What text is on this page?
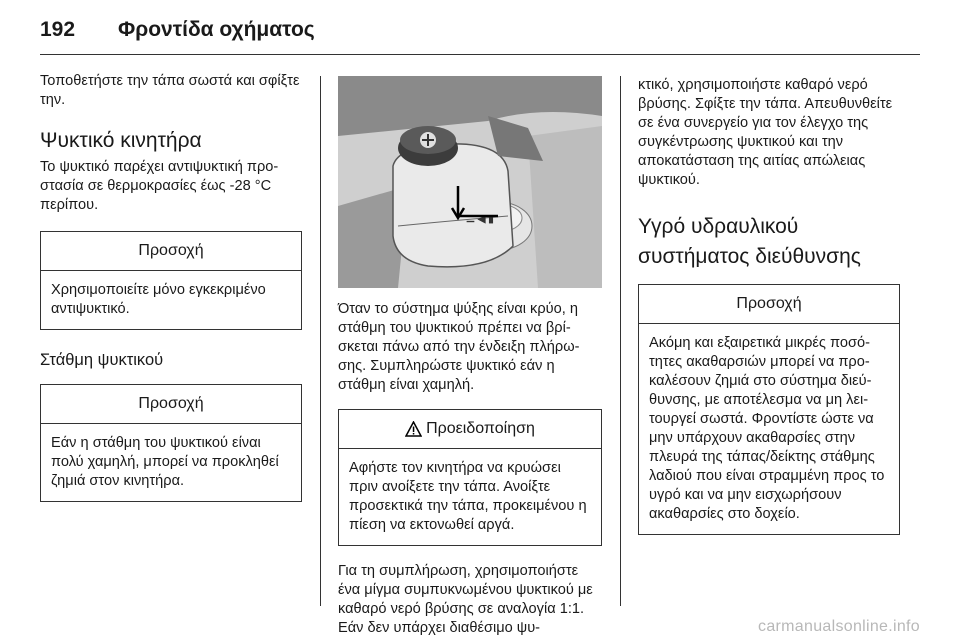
192 Φροντίδα οχήματος

Τοποθετήστε την τάπα σωστά και σφίξτε την.

Ψυκτικό κινητήρα

Το ψυκτικό παρέχει αντιψυκτική προστασία σε θερμοκρασίες έως -28 °C περίπου.

Προσοχή
Χρησιμοποιείτε μόνο εγκεκριμένο αντιψυκτικό.
Στάθμη ψυκτικού
Προσοχή
Εάν η στάθμη του ψυκτικού είναι πολύ χαμηλή, μπορεί να προκληθεί ζημιά στον κινητήρα.
⚊ ◀ ▮

Όταν το σύστημα ψύξης είναι κρύο, η στάθμη του ψυκτικού πρέπει να βρίσκεται πάνω από την ένδειξη πλήρωσης. Συμπληρώστε ψυκτικό εάν η στάθμη είναι χαμηλή.

Προειδοποίηση
Αφήστε τον κινητήρα να κρυώσει πριν ανοίξετε την τάπα. Ανοίξτε προσεκτικά την τάπα, προκειμένου η πίεση να εκτονωθεί αργά.

Για τη συμπλήρωση, χρησιμοποιήστε ένα μίγμα συμπυκνωμένου ψυκτικού με καθαρό νερό βρύσης σε αναλογία 1:1. Εάν δεν υπάρχει διαθέσιμο ψυ-

κτικό, χρησιμοποιήστε καθαρό νερό βρύσης. Σφίξτε την τάπα. Απευθυνθείτε σε ένα συνεργείο για τον έλεγχο της συγκέντρωσης ψυκτικού και την αποκατάσταση της αιτίας απώλειας ψυκτικού.

Υγρό υδραυλικού συστήματος διεύθυνσης
Προσοχή
Ακόμη και εξαιρετικά μικρές ποσότητες ακαθαρσιών μπορεί να προκαλέσουν ζημιά στο σύστημα διεύθυνσης, με αποτέλεσμα να μη λειτουργεί σωστά. Φροντίστε ώστε να μην υπάρχουν ακαθαρσίες στην πλευρά της τάπας/δείκτης στάθμης λαδιού που είναι στραμμένη προς το υγρό και να μην εισχωρήσουν ακαθαρσίες στο δοχείο.
carmanualsonline.info
